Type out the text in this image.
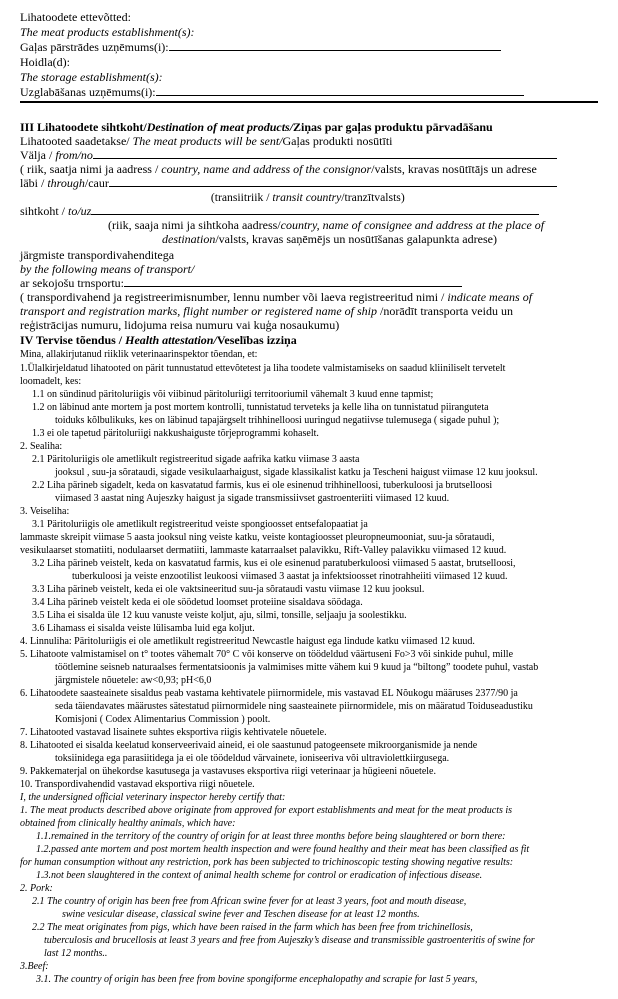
Lihatoodete ettevõtted:
The meat products establishment(s):
Gaļas pārstrādes uzņēmums(i):
Hoidla(d):
The storage establishment(s):
Uzglabāšanas uzņēmums(i):
III Lihatoodete sihtkoht/Destination of meat products/Ziņas par gaļas produktu pārvadāšanu
Lihatooted saadetakse/ The meat products will be sent/Gaļas produkti nosūtīti
Välja / from/no
( riik, saatja nimi ja aadress / country, name and address of the consignor/valsts, kravas nosūtītājs un adrese
läbi / through/caur
(transiitriik / transit country/tranzītvalsts)
sihtkoht / to/uz
(riik, saaja nimi ja sihtkoha aadress/country, name of consignee and address at the place of
destination/valsts, kravas saņēmējs un nosūtīšanas galapunkta adrese)
järgmiste transpordivahenditega
by the following means of transport/
ar sekojošu trnsportu:
( transpordivahend ja registreerimisnumber, lennu number või laeva registreeritud nimi / indicate means of
transport and registration marks, flight number or registered name of ship /norādīt transporta veidu un
reģistrācijas numuru, lidojuma reisa numuru vai kuģa nosaukumu)
IV Tervise tõendus / Health attestation/Veselības izziņa
Mina, allakirjutanud riiklik veterinaarinspektor tõendan, et:
1.Ülalkirjeldatud lihatooted on pärit tunnustatud ettevõtetest ja liha toodete valmistamiseks on saadud kliiniliselt tervetelt
loomadelt, kes:
1.1 on sündinud päritoluriigis või viibinud päritoluriigi territooriumil vähemalt 3 kuud enne tapmist;
1.2 on läbinud ante mortem ja post mortem kontrolli, tunnistatud terveteks ja kelle liha on tunnistatud piiranguteta
toiduks kõlbulikuks, kes on läbinud tapajärgselt trihhinelloosi uuringud negatiivse tulemusega ( sigade puhul );
1.3 ei ole tapetud päritoluriigi nakkushaiguste tõrjeprogrammi kohaselt.
2. Sealiha:
2.1 Päritoluriigis ole ametlikult registreeritud sigade aafrika katku viimase 3 aasta
jooksul , suu-ja sõrataudi, sigade vesikulaarhaigust, sigade klassikalist katku ja Tescheni haigust viimase 12 kuu jooksul.
2.2 Liha pärineb sigadelt, keda on kasvatatud farmis, kus ei ole esinenud trihhinelloosi, tuberkuloosi ja brutselloosi
viimased 3 aastat ning Aujeszky haigust ja sigade transmissiivset gastroenteriiti viimased 12 kuud.
3. Veiseliha:
3.1 Päritoluriigis ole ametlikult registreeritud veiste spongioosset entsefalopaatiat ja
lammaste skreipit viimase 5 aasta jooksul ning veiste katku, veiste kontagioosset pleuropneumooniat, suu-ja sõrataudi,
vesikulaarset stomatiiti, nodulaarset dermatiiti, lammaste katarraalset palavikku, Rift-Valley palavikku viimased 12 kuud.
3.2 Liha pärineb veistelt, keda on kasvatatud farmis, kus ei ole esinenud paratuberkuloosi viimased 5 aastat, brutselloosi,
tuberkuloosi ja veiste enzootilist leukoosi viimased 3 aastat ja infektsioosset rinotrahheiiti viimased 12 kuud.
3.3 Liha pärineb veistelt, keda ei ole vaktsineeritud suu-ja sõrataudi vastu viimase 12 kuu jooksul.
3.4 Liha pärineb veistelt keda ei ole söödetud loomset proteiine sisaldava söödaga.
3.5 Liha ei sisalda üle 12 kuu vanuste veiste koljut, aju, silmi, tonsille, seljaaju ja soolestikku.
3.6 Lihamass ei sisalda veiste lülisamba luid ega koljut.
4. Linnuliha: Päritoluriigis ei ole ametlikult registreeritud Newcastle haigust ega lindude katku viimased 12 kuud.
5. Lihatoote valmistamisel on t° tootes vähemalt 70° C või konserve on töödeldud väärtuseni Fo>3 või sinkide puhul, mille
töötlemine seisneb naturaalses fermentatsioonis ja valmimises mitte vähem kui 9 kuud ja “biltong” toodete puhul, vastab
järgmistele nõuetele: aw<0,93; pH<6,0
6. Lihatoodete saasteainete sisaldus peab vastama kehtivatele piirnormidele, mis vastavad EL Nõukogu määruses 2377/90 ja
seda täiendavates määrustes sätestatud piirnormidele ning saasteainete piirnormidele, mis on määratud Toiduseadustiku
Komisjoni ( Codex Alimentarius Commission ) poolt.
7. Lihatooted vastavad lisainete suhtes eksportiva riigis kehtivatele nõuetele.
8. Lihatooted ei sisalda keelatud konserveerivaid aineid, ei ole saastunud patogeensete mikroorganismide ja nende
toksiinidega ega parasiitidega ja ei ole töödeldud värvainete, ioniseeriva või ultraviolettkiirgusega.
9. Pakkematerjal on ühekordse kasutusega ja vastavuses eksportiva riigi veterinaar ja hügieeni nõuetele.
10. Transpordivahendid vastavad eksportiva riigi nõuetele.
I, the undersigned official veterinary inspector hereby certify that:
1. The meat products described above originate from approved for export establishments and meat for the meat products is
obtained from clinically healthy animals, which have:
1.1.remained in the territory of the country of origin for at least three months before being slaughtered or born there:
1.2.passed ante mortem and post mortem health inspection and were found healthy and their meat has been classified as fit
for human consumption without any restriction, pork has been subjected to trichinoscopic testing showing negative results:
1.3.not been slaughtered in the context of animal health scheme for control or eradication of infectious disease.
2. Pork:
2.1 The country of origin has been free from African swine fever for at least 3 years, foot and mouth disease,
swine vesicular disease, classical swine fever and Teschen disease for at least 12 months.
2.2 The meat originates from pigs, which have been raised in the farm which has been free from trichinellosis,
tuberculosis and brucellosis at least 3 years and free from Aujeszky’s disease and transmissible gastroenteritis of swine for
last 12 months..
3.Beef:
3.1. The country of origin has been free from bovine spongiforme encephalopathy and scrapie for last 5 years,
